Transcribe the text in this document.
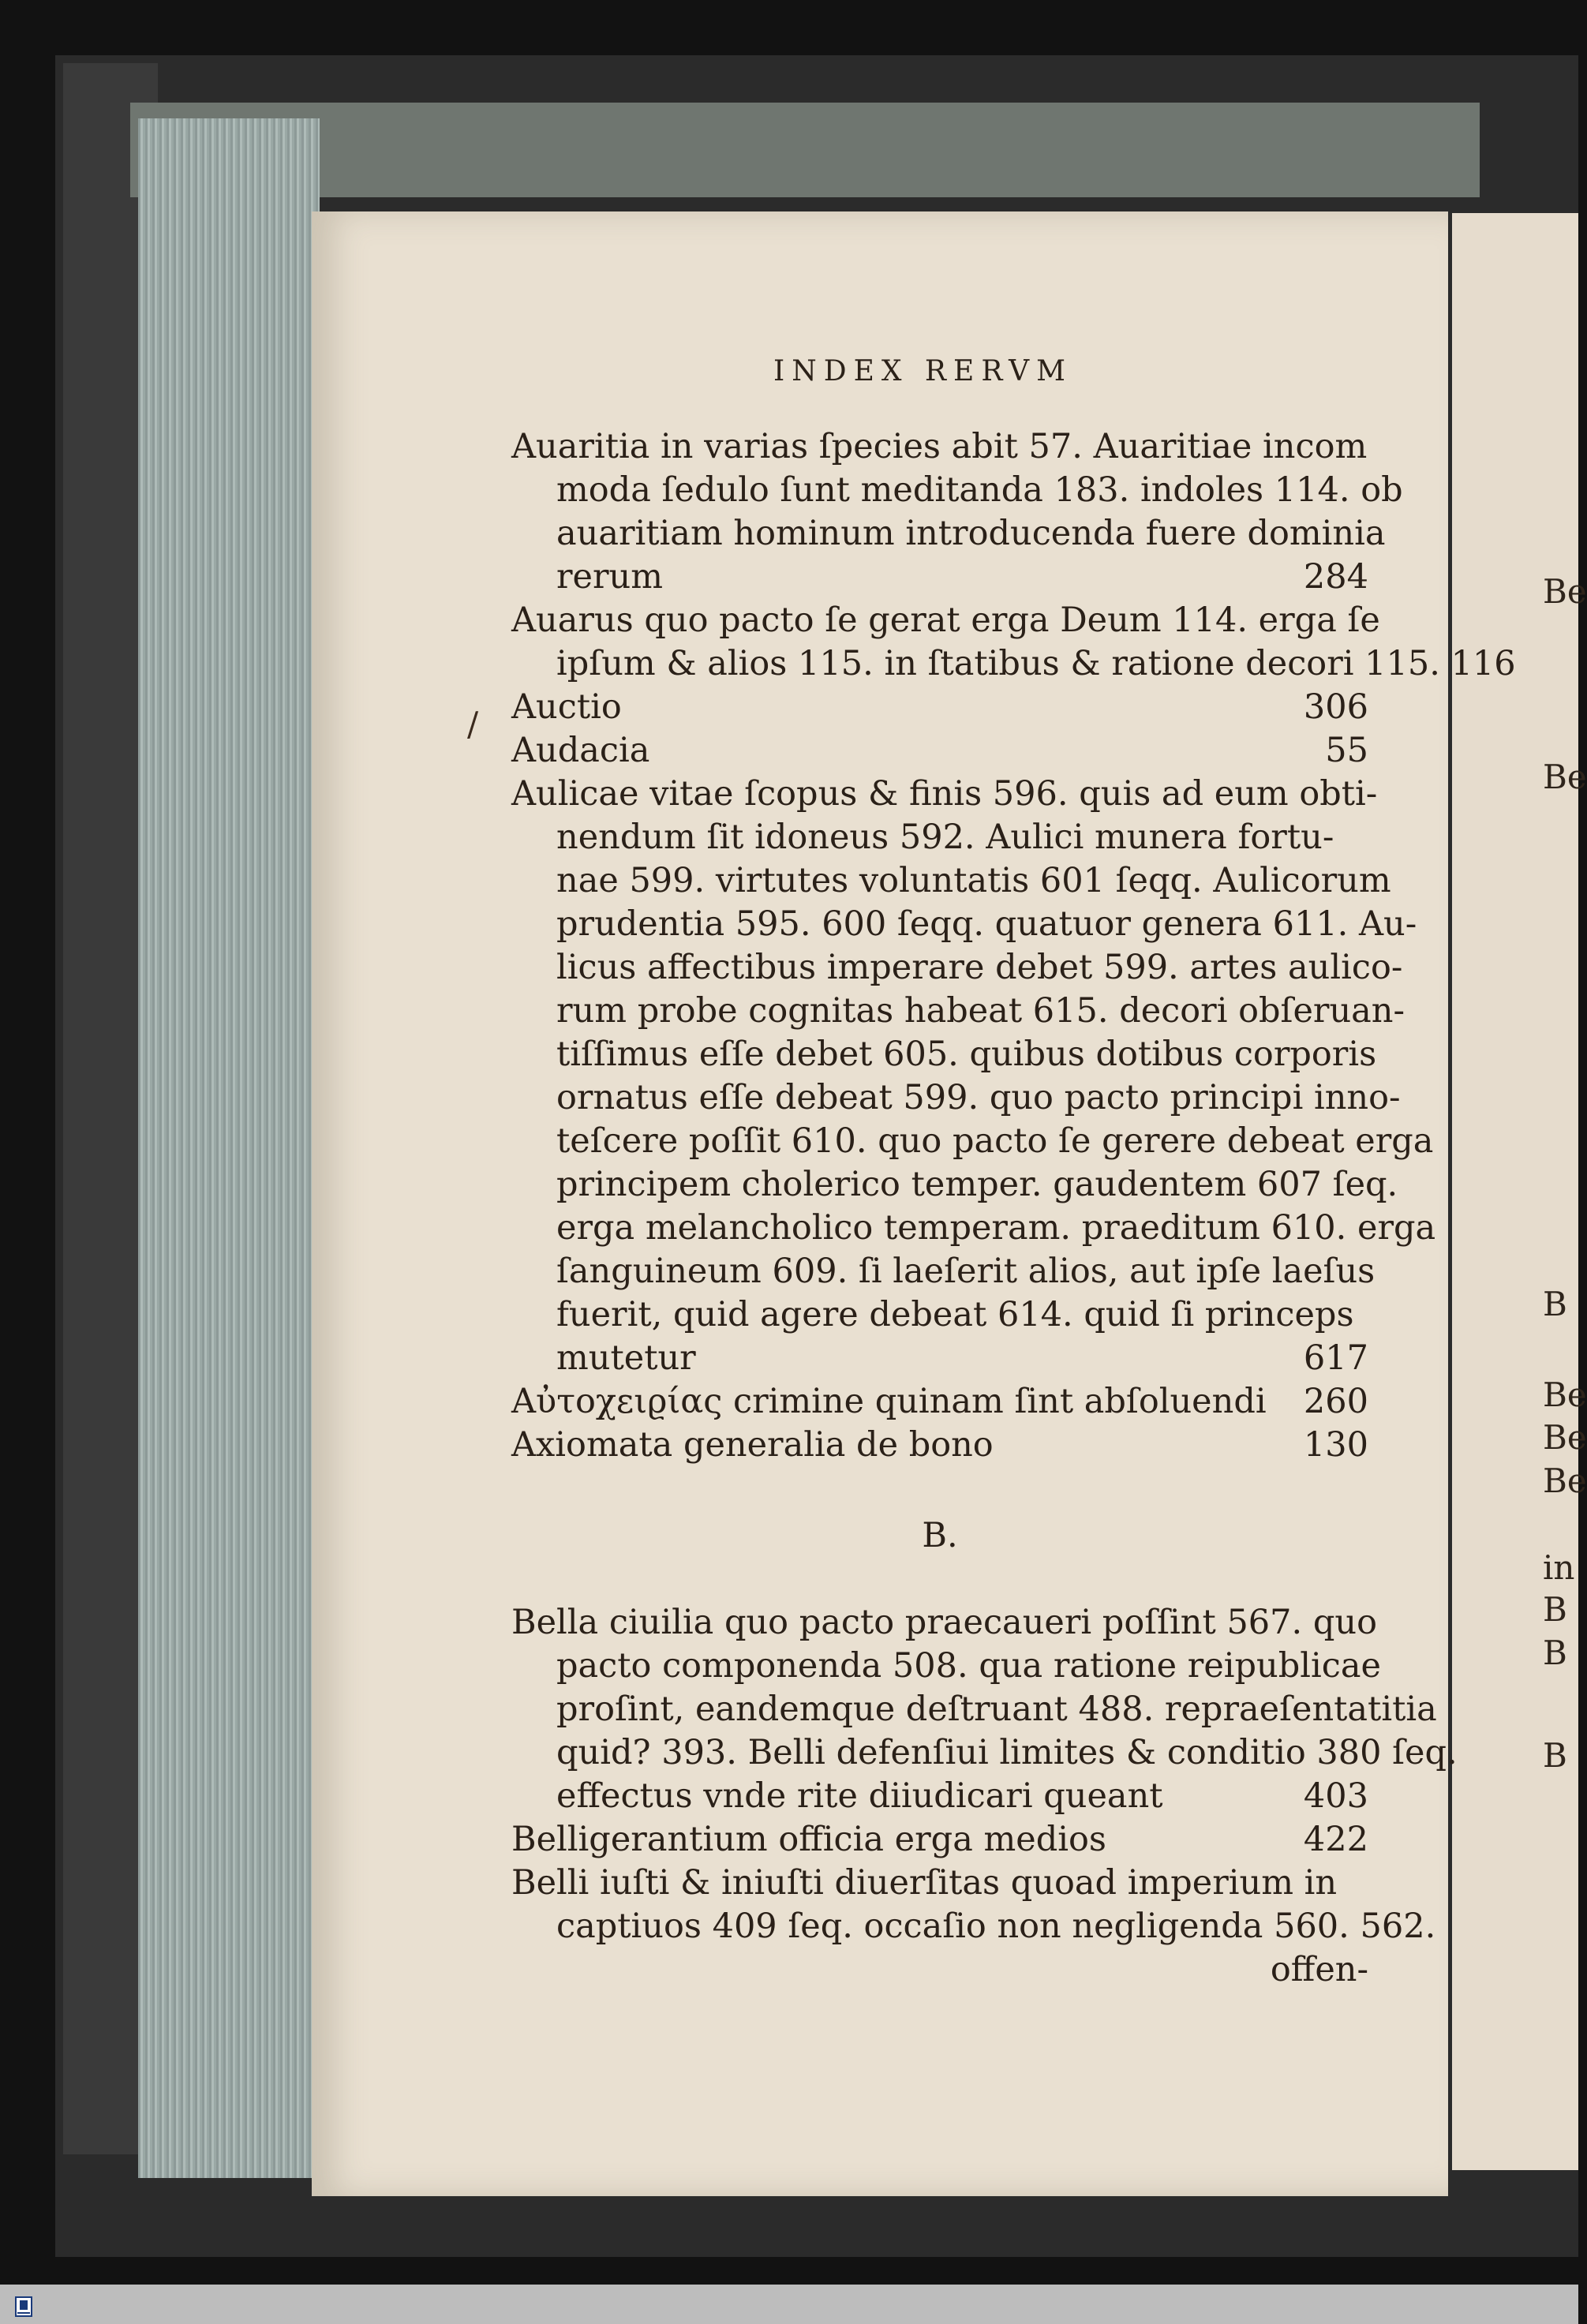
Be
Be
B
Be
Be
Be
in
B
B
B
INDEX RERVM
/
Auaritia in varias ſpecies abit 57. Auaritiae incom
moda ſedulo ſunt meditanda 183. indoles 114. ob
auaritiam hominum introducenda fuere dominia
rerum	284
Auarus quo pacto ſe gerat erga Deum 114. erga ſe
ipſum & alios 115. in ſtatibus & ratione decori 115. 116
Auctio	306
Audacia	55
Aulicae vitae ſcopus & finis 596. quis ad eum obti-
nendum ſit idoneus 592. Aulici munera fortu-
nae 599. virtutes voluntatis 601 ſeqq. Aulicorum
prudentia 595. 600 ſeqq. quatuor genera 611. Au-
licus affectibus imperare debet 599. artes aulico-
rum probe cognitas habeat 615. decori obſeruan-
tiſſimus eſſe debet 605. quibus dotibus corporis
ornatus eſſe debeat 599. quo pacto principi inno-
teſcere poſſit 610. quo pacto ſe gerere debeat erga
principem cholerico temper. gaudentem 607 ſeq.
erga melancholico temperam. praeditum 610. erga
ſanguineum 609. ſi laeſerit alios, aut ipſe laeſus
fuerit, quid agere debeat 614. quid ſi princeps
mutetur	617
Αὐτοχειϱίας crimine quinam ſint abſoluendi 260
Axiomata generalia de bono	130
B.
Bella ciuilia quo pacto praecaueri poſſint 567. quo
pacto componenda 508. qua ratione reipublicae
proſint, eandemque deſtruant 488. repraeſentatitia
quid? 393. Belli defenſiui limites & conditio 380 ſeq.
effectus vnde rite diiudicari queant	403
Belligerantium officia erga medios	422
Belli iuſti & iniuſti diuerſitas quoad imperium in
captiuos 409 ſeq. occaſio non negligenda 560. 562.
offen-
